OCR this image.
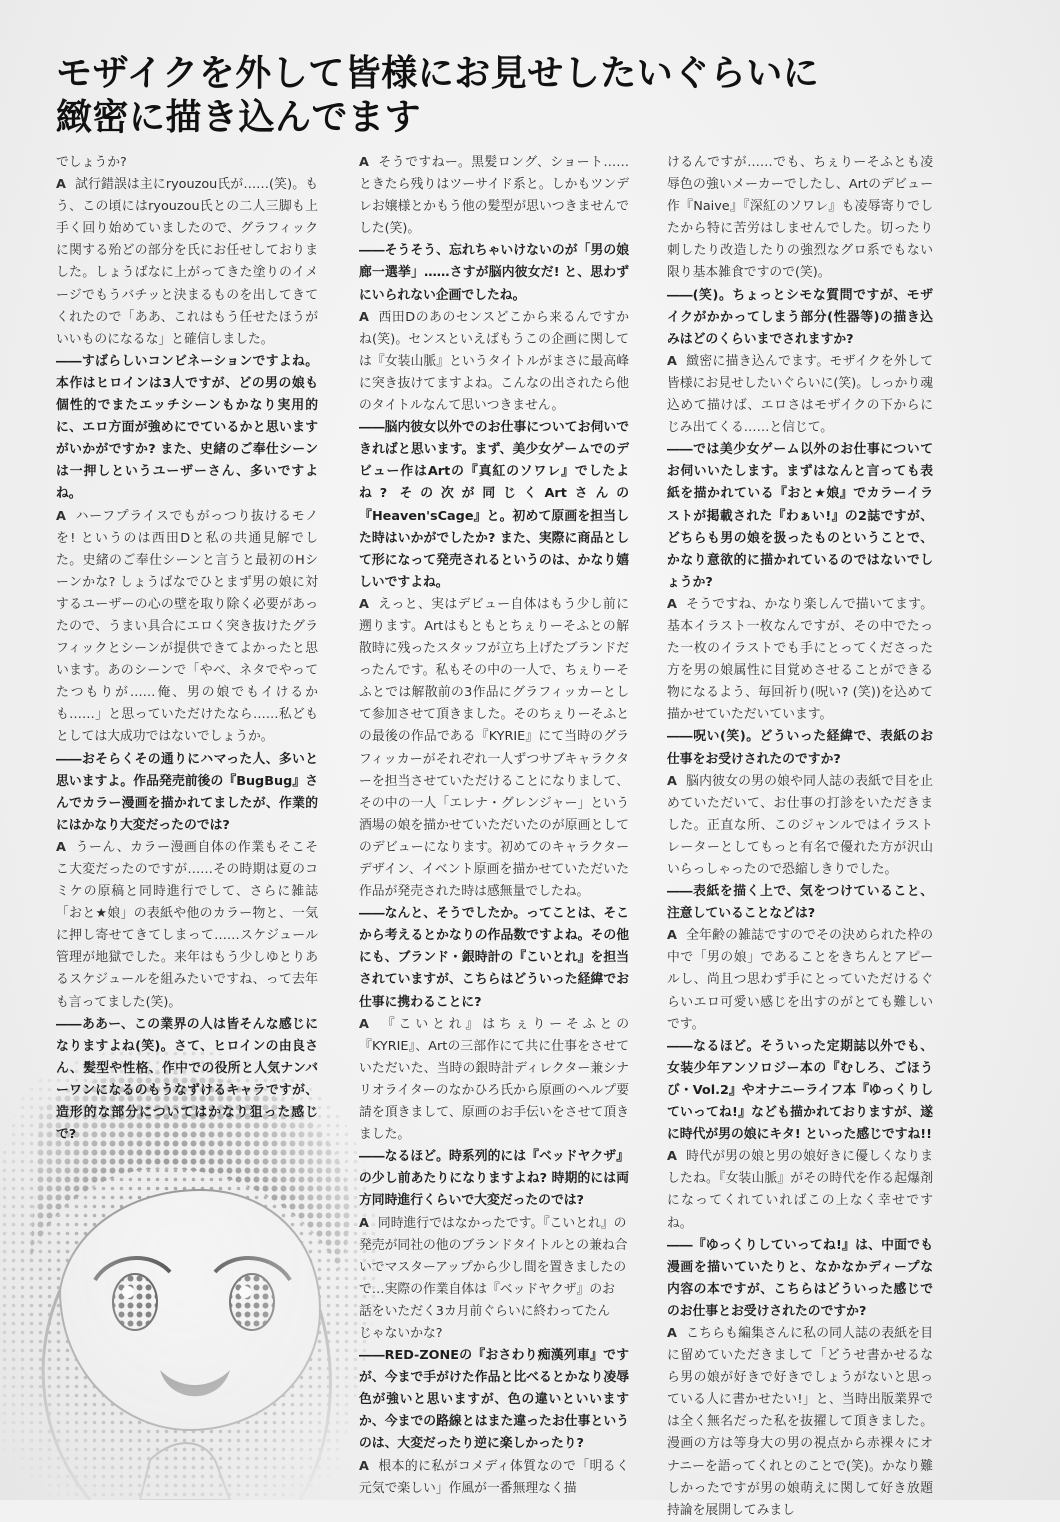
モザイクを外して皆様にお見せしたいぐらいに
緻密に描き込んでます

でしょうか?

A 試行錯誤は主にryouzou氏が……(笑)。もう、この頃にはryouzou氏との二人三脚も上手く回り始めていましたので、グラフィックに関する殆どの部分を氏にお任せしておりました。しょうばなに上がってきた塗りのイメージでもうバチッと決まるものを出してきてくれたので「ああ、これはもう任せたほうがいいものになるな」と確信しました。

――すばらしいコンビネーションですよね。本作はヒロインは3人ですが、どの男の娘も個性的でまたエッチシーンもかなり実用的に、エロ方面が強めにでているかと思いますがいかがですか? また、史緒のご奉仕シーンは一押しというユーザーさん、多いですよね。

A ハーフプライスでもがっつり抜けるモノを! というのは西田Dと私の共通見解でした。史緒のご奉仕シーンと言うと最初のHシーンかな? しょうばなでひとまず男の娘に対するユーザーの心の壁を取り除く必要があったので、うまい具合にエロく突き抜けたグラフィックとシーンが提供できてよかったと思います。あのシーンで「やべ、ネタでやってたつもりが……俺、男の娘でもイけるかも……」と思っていただけたなら……私どもとしては大成功ではないでしょうか。

――おそらくその通りにハマった人、多いと思いますよ。作品発売前後の『BugBug』さんでカラー漫画を描かれてましたが、作業的にはかなり大変だったのでは?

A うーん、カラー漫画自体の作業もそこそこ大変だったのですが……その時期は夏のコミケの原稿と同時進行でして、さらに雑誌「おと★娘」の表紙や他のカラー物と、一気に押し寄せてきてしまって……スケジュール管理が地獄でした。来年はもう少しゆとりあるスケジュールを組みたいですね、って去年も言ってました(笑)。

――ああー、この業界の人は皆そんな感じになりますよね(笑)。さて、ヒロインの由良さん、髪型や性格、作中での役所と人気ナンバーワンになるのもうなずけるキャラですが、造形的な部分についてはかなり狙った感じで?

A そうですねー。黒髪ロング、ショート……ときたら残りはツーサイド系と。しかもツンデレお嬢様とかもう他の髪型が思いつきませんでした(笑)。

――そうそう、忘れちゃいけないのが「男の娘廊一選挙」……さすが脳内彼女だ! と、思わずにいられない企画でしたね。

A 西田Dのあのセンスどこから来るんですかね(笑)。センスといえばもうこの企画に関しては『女装山脈』というタイトルがまさに最高峰に突き抜けてますよね。こんなの出されたら他のタイトルなんて思いつきません。

――脳内彼女以外でのお仕事についてお伺いできればと思います。まず、美少女ゲームでのデビュー作はArtの『真紅のソワレ』でしたよね? その次が同じくArtさんの『Heaven'sCage』と。初めて原画を担当した時はいかがでしたか? また、実際に商品として形になって発売されるというのは、かなり嬉しいですよね。

A えっと、実はデビュー自体はもう少し前に遡ります。Artはもともとちぇりーそふとの解散時に残ったスタッフが立ち上げたブランドだったんです。私もその中の一人で、ちぇりーそふとでは解散前の3作品にグラフィッカーとして参加させて頂きました。そのちぇりーそふとの最後の作品である『KYRIE』にて当時のグラフィッカーがそれぞれ一人ずつサブキャラクターを担当させていただけることになりまして、その中の一人「エレナ・グレンジャー」という酒場の娘を描かせていただいたのが原画としてのデビューになります。初めてのキャラクターデザイン、イベント原画を描かせていただいた作品が発売された時は感無量でしたね。

――なんと、そうでしたか。ってことは、そこから考えるとかなりの作品数ですよね。その他にも、ブランド・銀時計の『こいとれ』を担当されていますが、こちらはどういった経緯でお仕事に携わることに?

A 『こいとれ』はちぇりーそふとの『KYRIE』、Artの三部作にて共に仕事をさせていただいた、当時の銀時計ディレクター兼シナリオライターのなかひろ氏から原画のヘルプ要請を頂きまして、原画のお手伝いをさせて頂きました。

――なるほど。時系列的には『ベッドヤクザ』の少し前あたりになりますよね? 時期的には両方同時進行くらいで大変だったのでは?

A 同時進行ではなかったです。『こいとれ』の

発売が同社の他のブランドタイトルとの兼ね合

いでマスターアップから少し間を置きましたの

で…実際の作業自体は『ベッドヤクザ』のお

話をいただく3カ月前ぐらいに終わってたん

じゃないかな?

――RED-ZONEの『おさわり痴漢列車』ですが、今まで手がけた作品と比べるとかなり凌辱色が強いと思いますが、色の違いといいますか、今までの路線とはまた違ったお仕事というのは、大変だったり逆に楽しかったり?

A 根本的に私がコメディ体質なので「明るく元気で楽しい」作風が一番無理なく描

けるんですが……でも、ちぇりーそふとも凌辱色の強いメーカーでしたし、Artのデビュー作『Naive』『深紅のソワレ』も凌辱寄りでしたから特に苦労はしませんでした。切ったり刺したり改造したりの強烈なグロ系でもない限り基本雑食ですので(笑)。

――(笑)。ちょっとシモな質問ですが、モザイクがかかってしまう部分(性器等)の描き込みはどのくらいまでされますか?

A 緻密に描き込んでます。モザイクを外して皆様にお見せしたいぐらいに(笑)。しっかり魂込めて描けば、エロさはモザイクの下からにじみ出てくる……と信じて。

――では美少女ゲーム以外のお仕事についてお伺いいたします。まずはなんと言っても表紙を描かれている『おと★娘』でカラーイラストが掲載された『わぁい!』の2誌ですが、どちらも男の娘を扱ったものということで、かなり意欲的に描かれているのではないでしょうか?

A そうですね、かなり楽しんで描いてます。基本イラスト一枚なんですが、その中でたった一枚のイラストでも手にとってくださった方を男の娘属性に目覚めさせることができる物になるよう、毎回祈り(呪い? (笑))を込めて描かせていただいています。

――呪い(笑)。どういった経緯で、表紙のお仕事をお受けされたのですか?

A 脳内彼女の男の娘や同人誌の表紙で目を止めていただいて、お仕事の打診をいただきました。正直な所、このジャンルではイラストレーターとしてもっと有名で優れた方が沢山いらっしゃったので恐縮しきりでした。

――表紙を描く上で、気をつけていること、注意していることなどは?

A 全年齢の雑誌ですのでその決められた枠の中で「男の娘」であることをきちんとアピールし、尚且つ思わず手にとっていただけるぐらいエロ可愛い感じを出すのがとても難しいです。

――なるほど。そういった定期誌以外でも、女装少年アンソロジー本の『むしろ、ごほうび・Vol.2』やオナニーライフ本『ゆっくりしていってね!』なども描かれておりますが、遂に時代が男の娘にキタ! といった感じですね!!

A 時代が男の娘と男の娘好きに優しくなりましたね。『女装山脈』がその時代を作る起爆剤になってくれていればこの上なく幸せですね。

――『ゆっくりしていってね!』は、中面でも漫画を描いていたりと、なかなかディープな内容の本ですが、こちらはどういった感じでのお仕事とお受けされたのですか?

A こちらも編集さんに私の同人誌の表紙を目に留めていただきまして「どうせ書かせるなら男の娘が好きで好きでしょうがないと思っている人に書かせたい!」と、当時出版業界では全く無名だった私を抜擢して頂きました。漫画の方は等身大の男の視点から赤裸々にオナニーを語ってくれとのことで(笑)。かなり難しかったですが男の娘萌えに関して好き放題持論を展開してみまし
